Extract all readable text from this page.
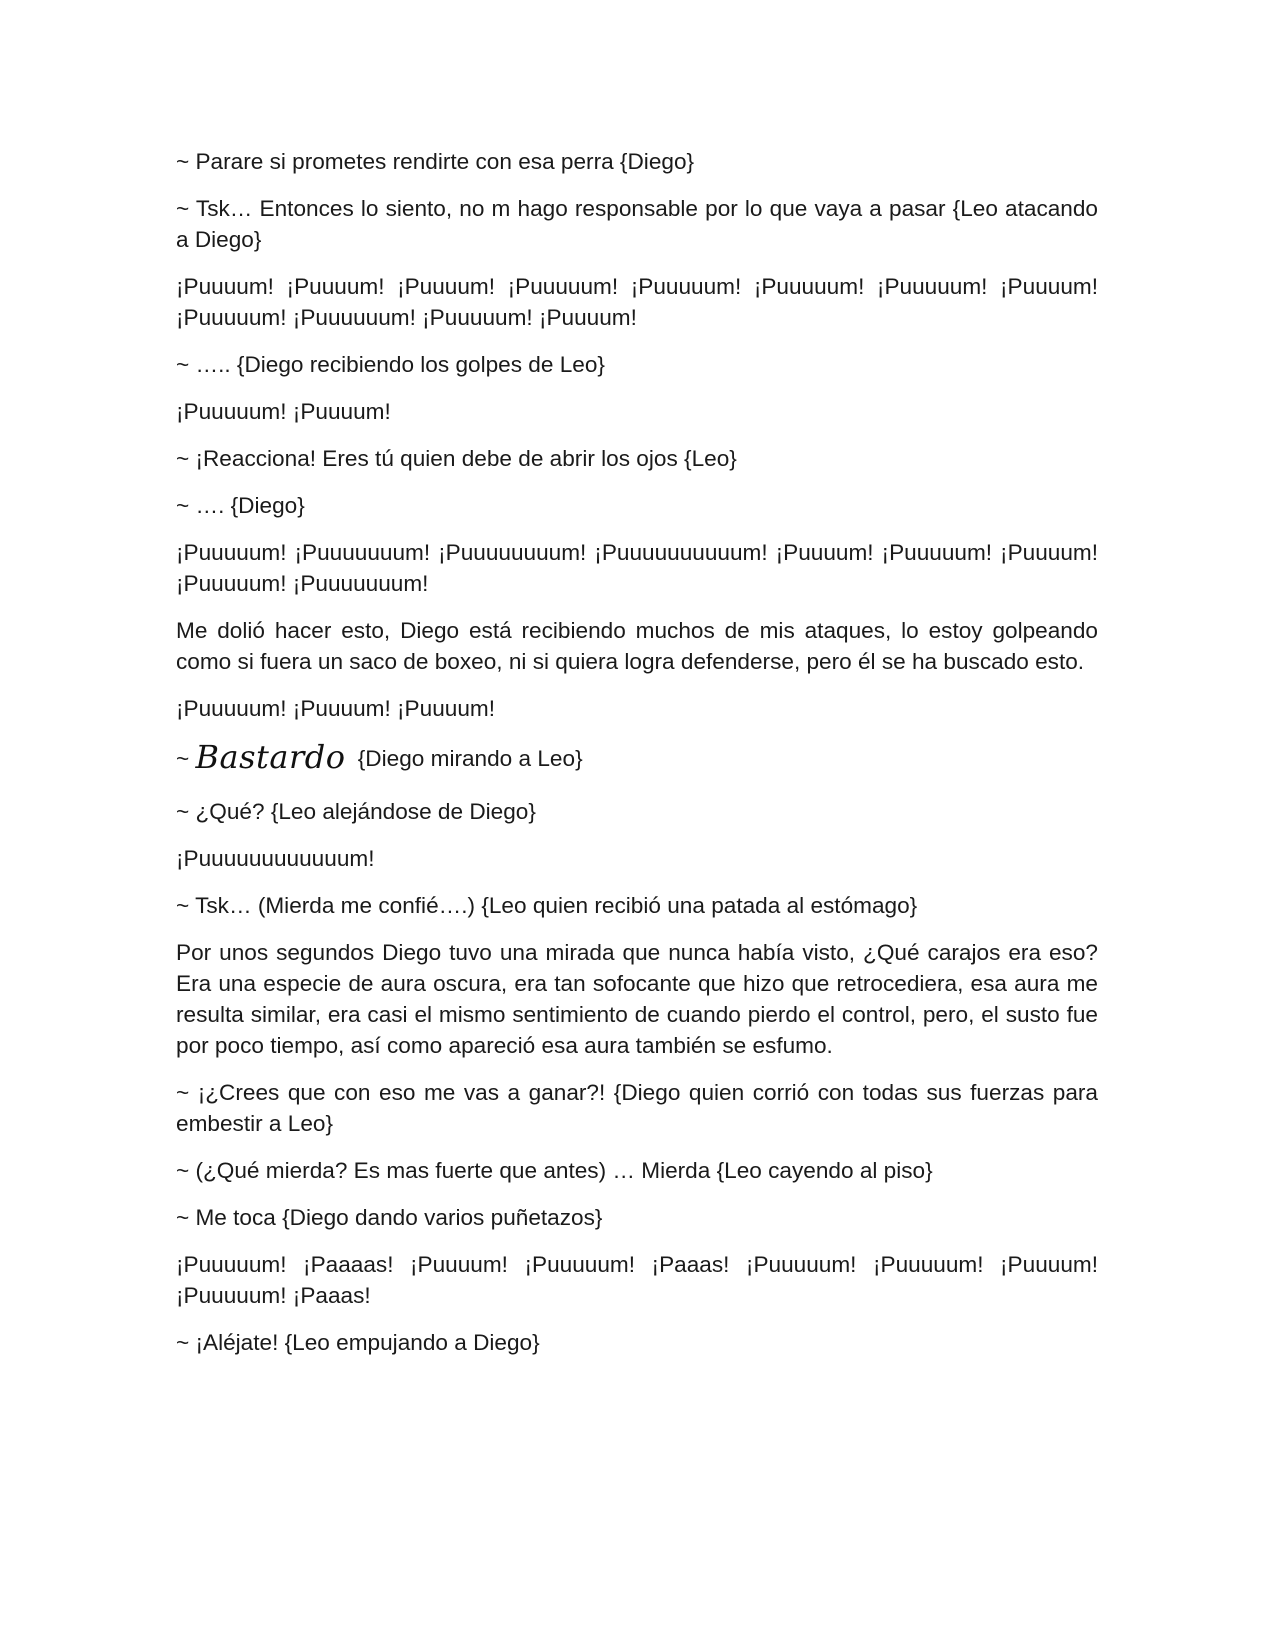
~ Parare si prometes rendirte con esa perra {Diego}

~ Tsk… Entonces lo siento, no m hago responsable por lo que vaya a pasar {Leo atacando a Diego}

¡Puuuum! ¡Puuuum! ¡Puuuum! ¡Puuuuum! ¡Puuuuum! ¡Puuuuum! ¡Puuuuum! ¡Puuuum! ¡Puuuuum! ¡Puuuuuum! ¡Puuuuum! ¡Puuuum!

~ ….. {Diego recibiendo los golpes de Leo}

¡Puuuuum! ¡Puuuum!

~ ¡Reacciona! Eres tú quien debe de abrir los ojos {Leo}

~ …. {Diego}

¡Puuuuum! ¡Puuuuuuum! ¡Puuuuuuuum! ¡Puuuuuuuuuum! ¡Puuuum! ¡Puuuuum! ¡Puuuum! ¡Puuuuum! ¡Puuuuuuum!

Me dolió hacer esto, Diego está recibiendo muchos de mis ataques, lo estoy golpeando como si fuera un saco de boxeo, ni si quiera logra defenderse, pero él se ha buscado esto.

¡Puuuuum! ¡Puuuum! ¡Puuuum!

~ Bastardo {Diego mirando a Leo}

~ ¿Qué? {Leo alejándose de Diego}

¡Puuuuuuuuuuuum!

~ Tsk… (Mierda me confié….) {Leo quien recibió una patada al estómago}

Por unos segundos Diego tuvo una mirada que nunca había visto, ¿Qué carajos era eso? Era una especie de aura oscura, era tan sofocante que hizo que retrocediera, esa aura me resulta similar, era casi el mismo sentimiento de cuando pierdo el control, pero, el susto fue por poco tiempo, así como apareció esa aura también se esfumo.

~ ¡¿Crees que con eso me vas a ganar?! {Diego quien corrió con todas sus fuerzas para embestir a Leo}

~ (¿Qué mierda? Es mas fuerte que antes) … Mierda {Leo cayendo al piso}

~ Me toca {Diego dando varios puñetazos}

¡Puuuuum! ¡Paaaas! ¡Puuuum! ¡Puuuuum! ¡Paaas! ¡Puuuuum! ¡Puuuuum! ¡Puuuum! ¡Puuuuum! ¡Paaas!

~ ¡Aléjate! {Leo empujando a Diego}
